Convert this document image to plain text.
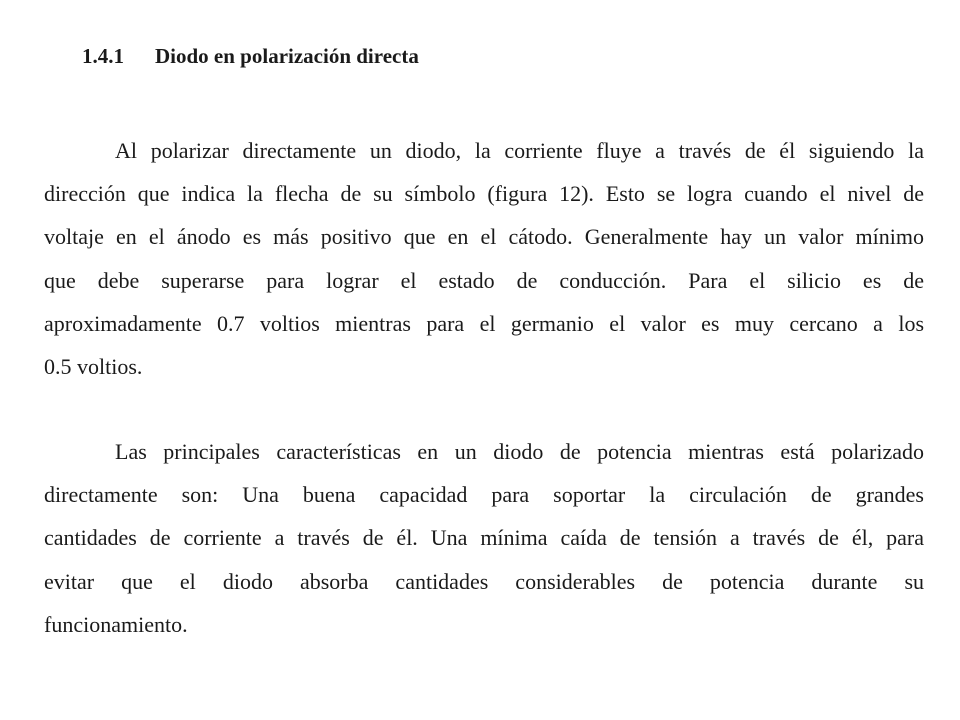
1.4.1 Diodo en polarización directa
Al polarizar directamente un diodo, la corriente fluye a través de él siguiendo la
dirección que indica la flecha de su símbolo (figura 12). Esto se logra cuando el nivel de
voltaje en el ánodo es más positivo que en el cátodo. Generalmente hay un valor mínimo
que debe superarse para lograr el estado de conducción. Para el silicio es de
aproximadamente 0.7 voltios mientras para el germanio el valor es muy cercano a los
0.5 voltios.
Las principales características en un diodo de potencia mientras está polarizado
directamente son: Una buena capacidad para soportar la circulación de grandes
cantidades de corriente a través de él. Una mínima caída de tensión a través de él, para
evitar que el diodo absorba cantidades considerables de potencia durante su
funcionamiento.
